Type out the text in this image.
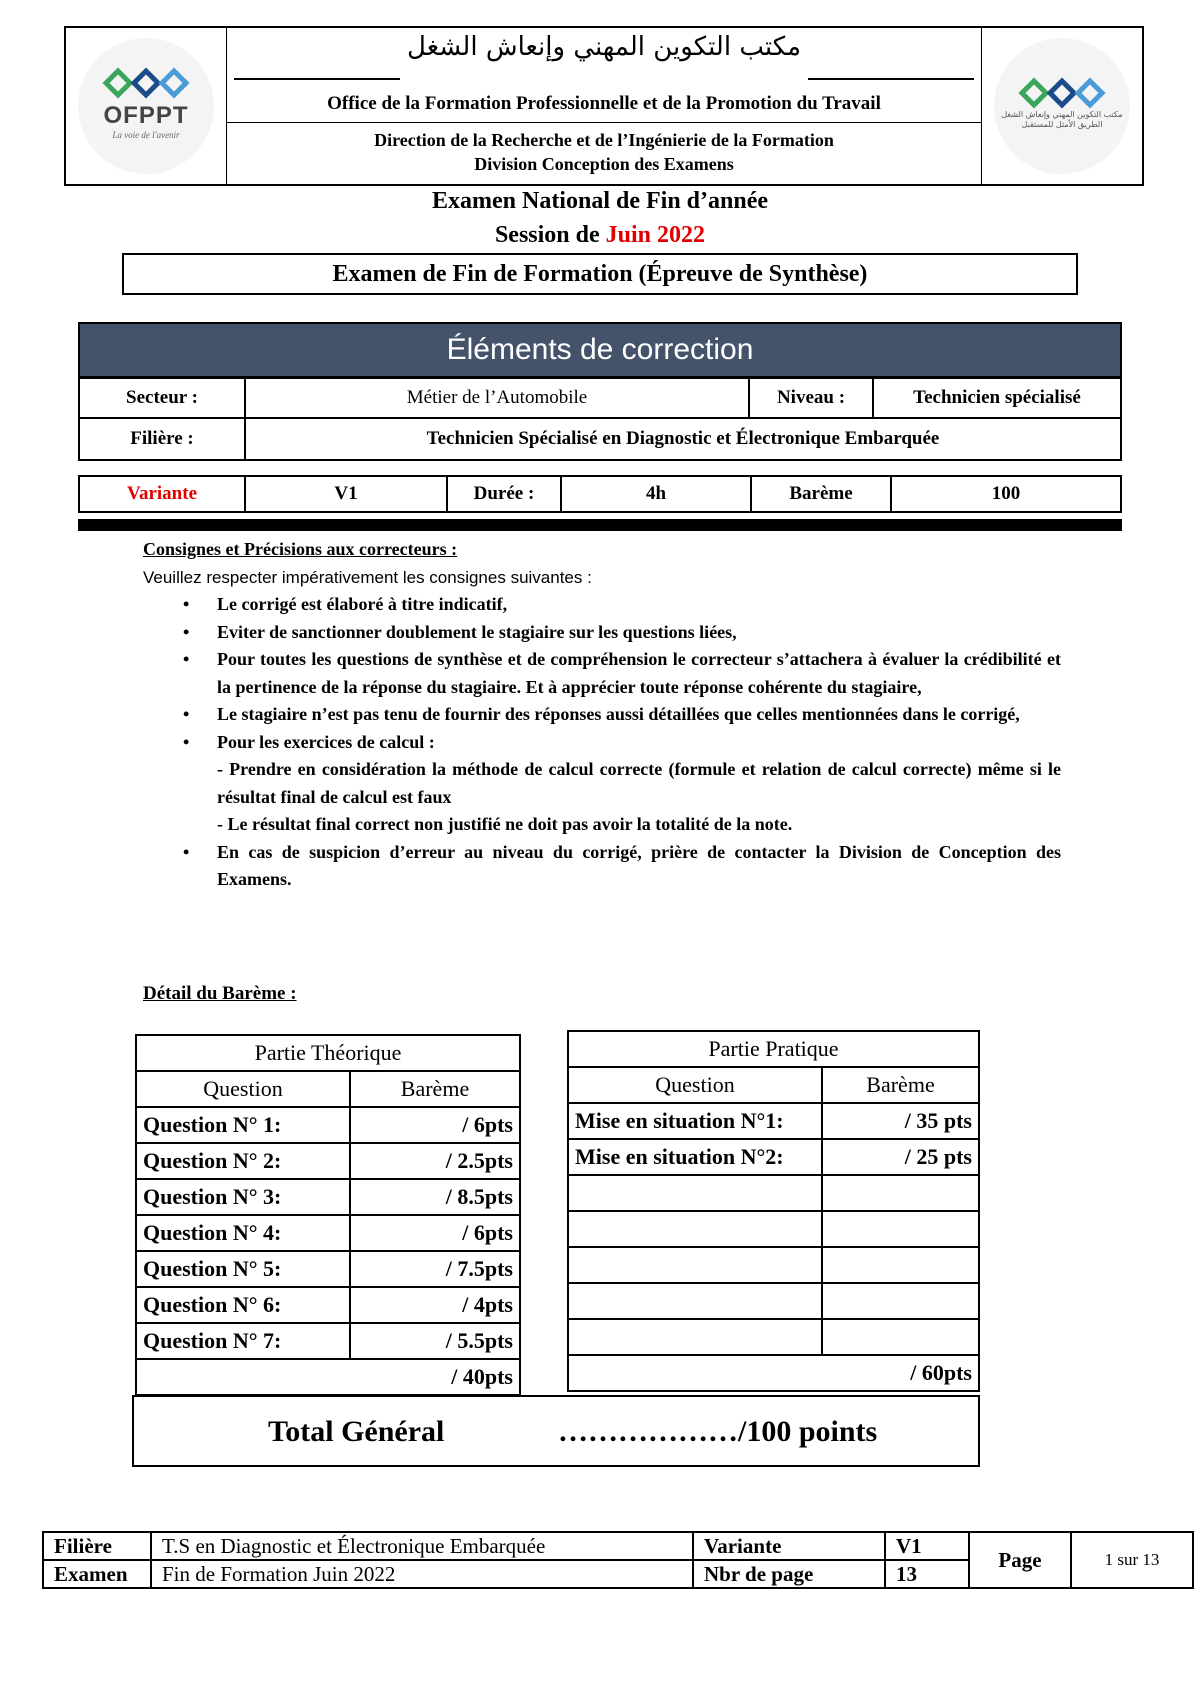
OFPPT
La voie de l'avenir
مكتب التكوين المهني وإنعاش الشغل
Office de la Formation Professionnelle et de la Promotion du Travail
Direction de la Recherche et de l’Ingénierie de la Formation
Division Conception des Examens
مكتب التكوين المهني وإنعاش الشغل الطريق الأمثل للمستقبل
Examen National de Fin d’année
Session de Juin 2022
Examen de Fin de Formation (Épreuve de Synthèse)
Éléments de correction
Secteur :	Métier de l’Automobile	Niveau :	Technicien spécialisé
Filière :	Technicien Spécialisé en Diagnostic et Électronique Embarquée		
Variante	V1	Durée :	4h	Barème	100
Consignes et Précisions aux correcteurs :
Veuillez respecter impérativement les consignes suivantes :
• Le corrigé est élaboré à titre indicatif,
• Eviter de sanctionner doublement le stagiaire sur les questions liées,
• Pour toutes les questions de synthèse et de compréhension le correcteur s’attachera à évaluer la crédibilité et la pertinence de la réponse du stagiaire. Et à apprécier toute réponse cohérente du stagiaire,
• Le stagiaire n’est pas tenu de fournir des réponses aussi détaillées que celles mentionnées dans le corrigé,
• Pour les exercices de calcul :
- Prendre en considération la méthode de calcul correcte (formule et relation de calcul correcte) même si le résultat final de calcul est faux
- Le résultat final correct non justifié ne doit pas avoir la totalité de la note.
• En cas de suspicion d’erreur au niveau du corrigé, prière de contacter la Division de Conception des Examens.
Détail du Barème :
Partie Théorique	
Question	Barème
Question N° 1:	/ 6pts
Question N° 2:	/ 2.5pts
Question N° 3:	/ 8.5pts
Question N° 4:	/ 6pts
Question N° 5:	/ 7.5pts
Question N° 6:	/ 4pts
Question N° 7:	/ 5.5pts
/ 40pts	
Partie Pratique	
Question	Barème
Mise en situation N°1:	/ 35 pts
Mise en situation N°2:	/ 25 pts

/ 60pts	
Total Général	………………/100 points
Filière	T.S en Diagnostic et Électronique Embarquée	Variante	V1	Page	1 sur 13
Examen	Fin de Formation Juin 2022	Nbr de page	13		
